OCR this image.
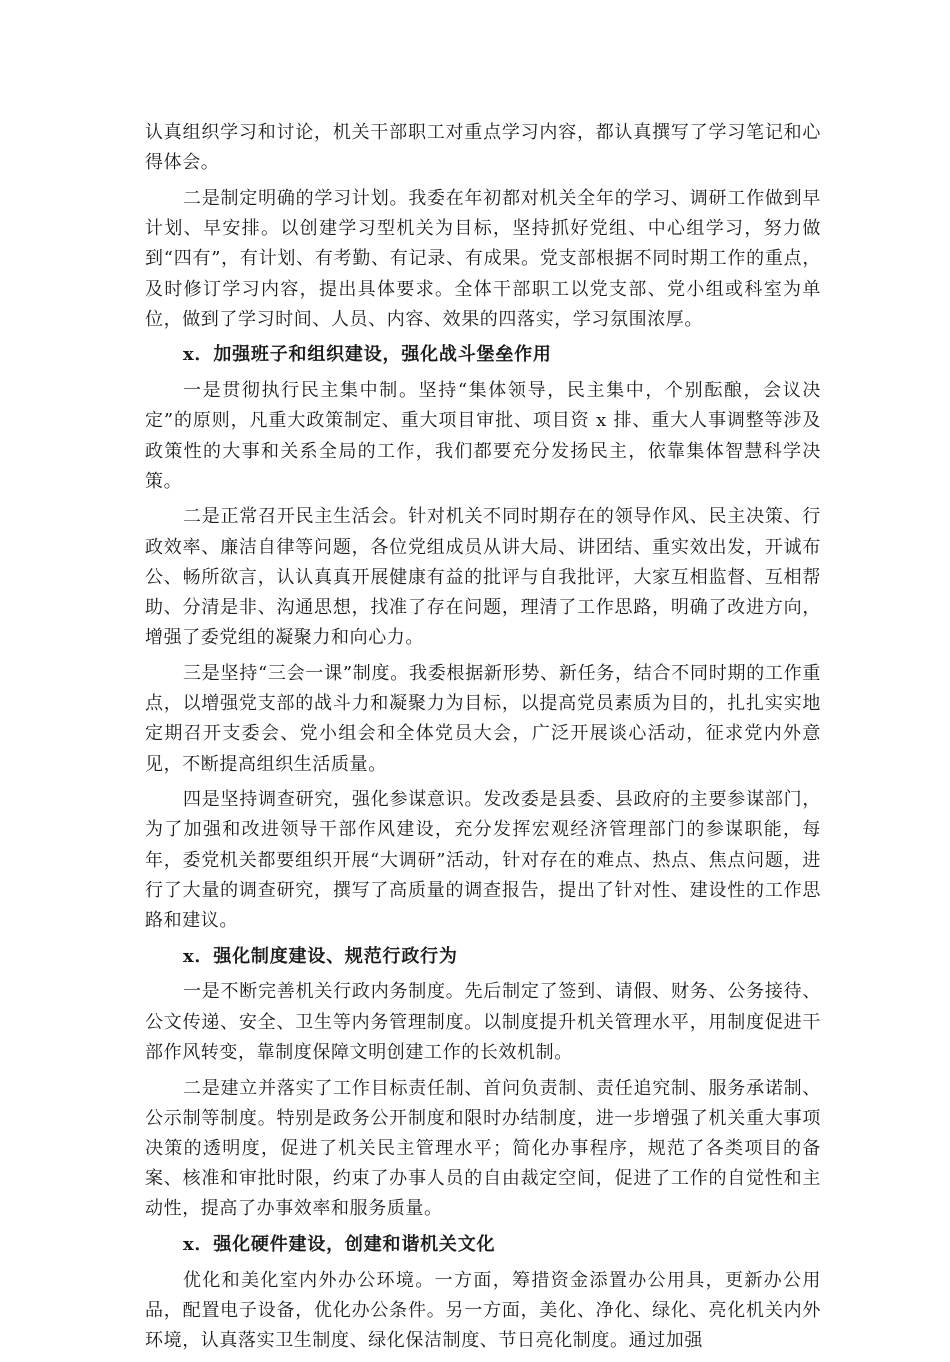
认真组织学习和讨论，机关干部职工对重点学习内容，都认真撰写了学习笔记和心得体会。

二是制定明确的学习计划。我委在年初都对机关全年的学习、调研工作做到早计划、早安排。以创建学习型机关为目标，坚持抓好党组、中心组学习，努力做到“四有”，有计划、有考勤、有记录、有成果。党支部根据不同时期工作的重点，及时修订学习内容，提出具体要求。全体干部职工以党支部、党小组或科室为单位，做到了学习时间、人员、内容、效果的四落实，学习氛围浓厚。

x．加强班子和组织建设，强化战斗堡垒作用

一是贯彻执行民主集中制。坚持“集体领导，民主集中，个别酝酿，会议决定”的原则，凡重大政策制定、重大项目审批、项目资 x 排、重大人事调整等涉及政策性的大事和关系全局的工作，我们都要充分发扬民主，依靠集体智慧科学决策。

二是正常召开民主生活会。针对机关不同时期存在的领导作风、民主决策、行政效率、廉洁自律等问题，各位党组成员从讲大局、讲团结、重实效出发，开诚布公、畅所欲言，认认真真开展健康有益的批评与自我批评，大家互相监督、互相帮助、分清是非、沟通思想，找准了存在问题，理清了工作思路，明确了改进方向，增强了委党组的凝聚力和向心力。

三是坚持“三会一课”制度。我委根据新形势、新任务，结合不同时期的工作重点，以增强党支部的战斗力和凝聚力为目标，以提高党员素质为目的，扎扎实实地定期召开支委会、党小组会和全体党员大会，广泛开展谈心活动，征求党内外意见，不断提高组织生活质量。

四是坚持调查研究，强化参谋意识。发改委是县委、县政府的主要参谋部门，为了加强和改进领导干部作风建设，充分发挥宏观经济管理部门的参谋职能，每年，委党机关都要组织开展“大调研”活动，针对存在的难点、热点、焦点问题，进行了大量的调查研究，撰写了高质量的调查报告，提出了针对性、建设性的工作思路和建议。

x．强化制度建设、规范行政行为

一是不断完善机关行政内务制度。先后制定了签到、请假、财务、公务接待、公文传递、安全、卫生等内务管理制度。以制度提升机关管理水平，用制度促进干部作风转变，靠制度保障文明创建工作的长效机制。

二是建立并落实了工作目标责任制、首问负责制、责任追究制、服务承诺制、公示制等制度。特别是政务公开制度和限时办结制度，进一步增强了机关重大事项决策的透明度，促进了机关民主管理水平；简化办事程序，规范了各类项目的备案、核准和审批时限，约束了办事人员的自由裁定空间，促进了工作的自觉性和主动性，提高了办事效率和服务质量。

x．强化硬件建设，创建和谐机关文化

优化和美化室内外办公环境。一方面，筹措资金添置办公用具，更新办公用品，配置电子设备，优化办公条件。另一方面，美化、净化、绿化、亮化机关内外环境，认真落实卫生制度、绿化保洁制度、节日亮化制度。通过加强
